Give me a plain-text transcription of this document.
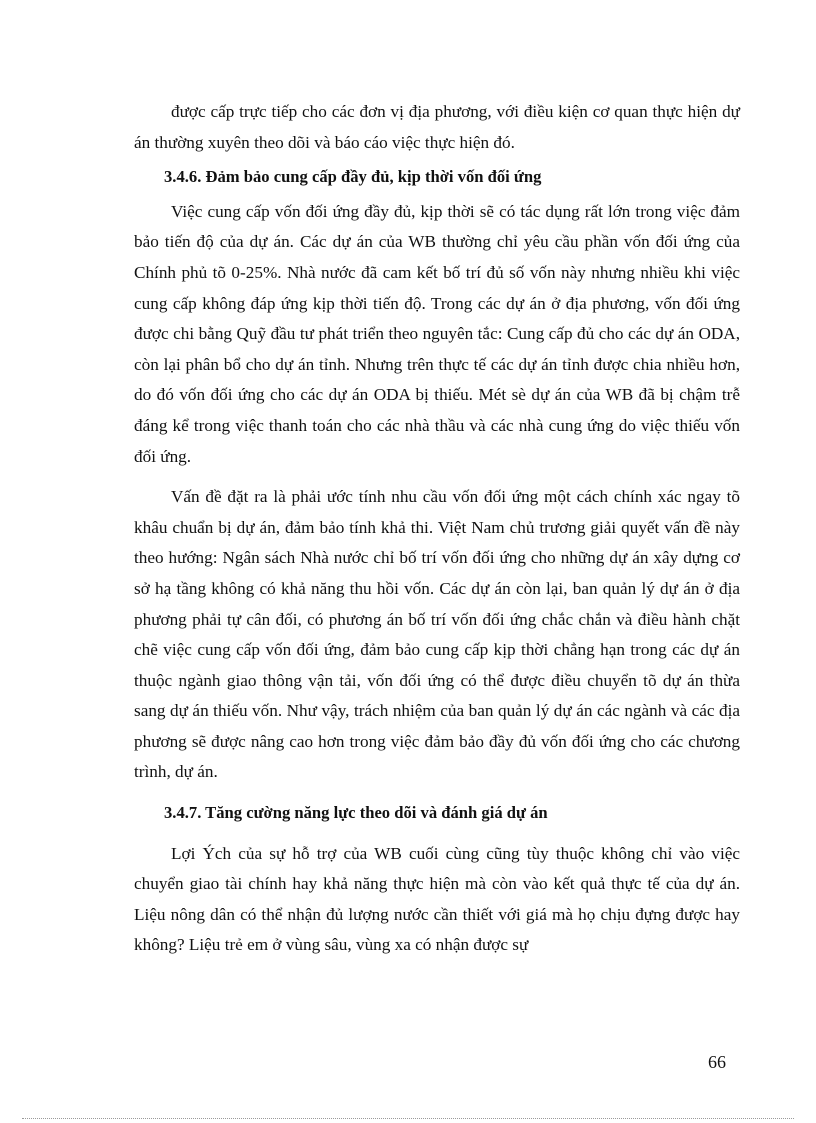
được cấp trực tiếp cho các đơn vị địa phương, với điều kiện cơ quan thực hiện dự án thường xuyên theo dõi và báo cáo việc thực hiện đó.

3.4.6. Đảm bảo cung cấp đầy đủ, kịp thời vốn đối ứng

Việc cung cấp vốn đối ứng đầy đủ, kịp thời sẽ có tác dụng rất lớn trong việc đảm bảo tiến độ của dự án. Các dự án của WB thường chỉ yêu cầu phần vốn đối ứng của Chính phủ tõ 0-25%. Nhà nước đã cam kết bố trí đủ số vốn này nhưng nhiều khi việc cung cấp không đáp ứng kịp thời tiến độ. Trong các dự án ở địa phương, vốn đối ứng được chi bằng Quỹ đầu tư phát triển theo nguyên tắc: Cung cấp đủ cho các dự án ODA, còn lại phân bổ cho dự án tỉnh. Nhưng trên thực tế các dự án tỉnh được chia nhiều hơn, do đó vốn đối ứng cho các dự án ODA bị thiếu. Mét sè dự án của WB đã bị chậm trễ đáng kể trong việc thanh toán cho các nhà thầu và các nhà cung ứng do việc thiếu vốn đối ứng.

Vấn đề đặt ra là phải ước tính nhu cầu vốn đối ứng một cách chính xác ngay tõ khâu chuẩn bị dự án, đảm bảo tính khả thi. Việt Nam chủ trương giải quyết vấn đề này theo hướng: Ngân sách Nhà nước chỉ bố trí vốn đối ứng cho những dự án xây dựng cơ sở hạ tầng không có khả năng thu hồi vốn. Các dự án còn lại, ban quản lý dự án ở địa phương phải tự cân đối, có phương án bố trí vốn đối ứng chắc chắn và điều hành chặt chẽ việc cung cấp vốn đối ứng, đảm bảo cung cấp kịp thời chẳng hạn trong các dự án thuộc ngành giao thông vận tải, vốn đối ứng có thể được điều chuyển tõ dự án thừa sang dự án thiếu vốn. Như vậy, trách nhiệm của ban quản lý dự án các ngành và các địa phương sẽ được nâng cao hơn trong việc đảm bảo đầy đủ vốn đối ứng cho các chương trình, dự án.

3.4.7. Tăng cường năng lực theo dõi và đánh giá dự án

Lợi Ých của sự hỗ trợ của WB cuối cùng cũng tùy thuộc không chỉ vào việc chuyển giao tài chính hay khả năng thực hiện mà còn vào kết quả thực tế của dự án. Liệu nông dân có thể nhận đủ lượng nước cần thiết với giá mà họ chịu đựng được hay không? Liệu trẻ em ở vùng sâu, vùng xa có nhận được sự

66
